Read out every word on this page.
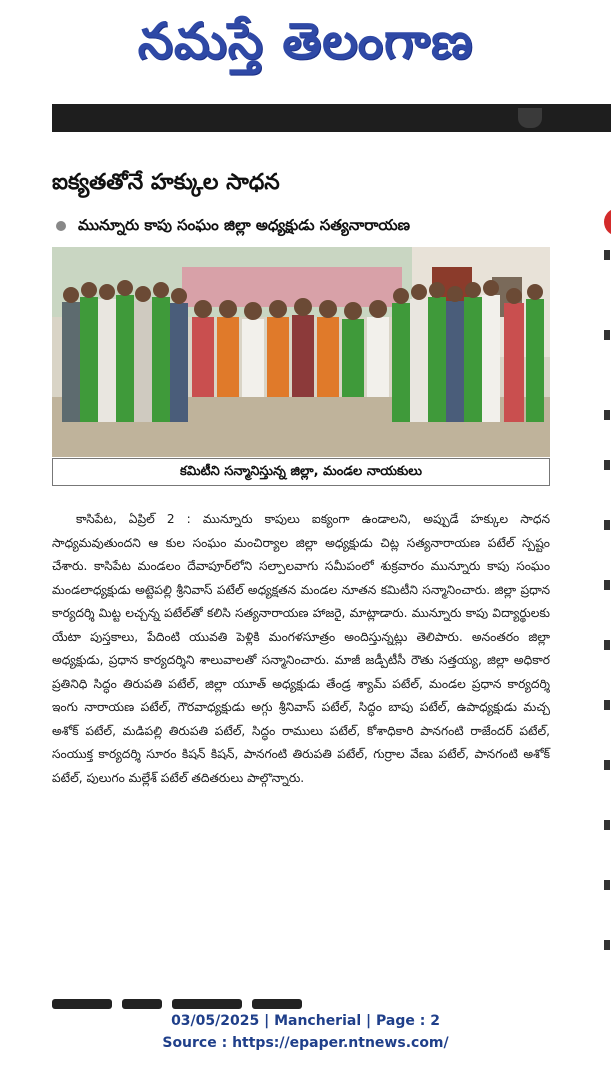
నమస్తే తెలంగాణ
ఐక్యతతోనే హక్కుల సాధన
మున్నూరు కాపు సంఘం జిల్లా అధ్యక్షుడు సత్యనారాయణ
కమిటీని సన్మానిస్తున్న జిల్లా, మండల నాయకులు

కాసిపేట, ఏప్రిల్ 2 : మున్నూరు కాపులు ఐక్యంగా ఉండాలని, అప్పుడే హక్కుల సాధన సాధ్యమవుతుందని ఆ కుల సంఘం మంచిర్యాల జిల్లా అధ్యక్షుడు చిట్ల సత్యనారాయణ పటేల్ స్పష్టం చేశారు. కాసిపేట మండలం దేవాపూర్‌లోని సల్పాలవాగు సమీపంలో శుక్రవారం మున్నూరు కాపు సంఘం మండలాధ్యక్షుడు అట్టెపల్లి శ్రీనివాస్ పటేల్ అధ్యక్షతన మండల నూతన కమిటీని సన్మానించారు. జిల్లా ప్రధాన కార్యదర్శి మిట్ట లచ్చన్న పటేల్‌తో కలిసి సత్యనారాయణ హాజరై, మాట్లాడారు. మున్నూరు కాపు విద్యార్థులకు యేటా పుస్తకాలు, పేదింటి యువతి పెళ్లికి మంగళసూత్రం అందిస్తున్నట్లు తెలిపారు. అనంతరం జిల్లా అధ్యక్షుడు, ప్రధాన కార్యదర్శిని శాలువాలతో సన్మానించారు. మాజీ జడ్పీటీసీ రౌతు సత్తయ్య, జిల్లా అధికార ప్రతినిధి సిద్ధం తిరుపతి పటేల్, జిల్లా యూత్ అధ్యక్షుడు తేండ్ర శ్యామ్ పటేల్, మండల ప్రధాన కార్యదర్శి ఇంగు నారాయణ పటేల్, గౌరవాధ్యక్షుడు అగ్గు శ్రీనివాస్ పటేల్, సిద్ధం బాపు పటేల్, ఉపాధ్యక్షుడు మచ్చ అశోక్ పటేల్, మడిపల్లి తిరుపతి పటేల్, సిద్ధం రాములు పటేల్, కోశాధికారి పానగంటి రాజేందర్ పటేల్, సంయుక్త కార్యదర్శి సూరం కిషన్ కిషన్, పానగంటి తిరుపతి పటేల్, గుర్రాల వేణు పటేల్, పానగంటి అశోక్ పటేల్, పులుగం మల్లేశ్ పటేల్ తదితరులు పాల్గొన్నారు.

03/05/2025 | Mancherial | Page : 2
Source : https://epaper.ntnews.com/
